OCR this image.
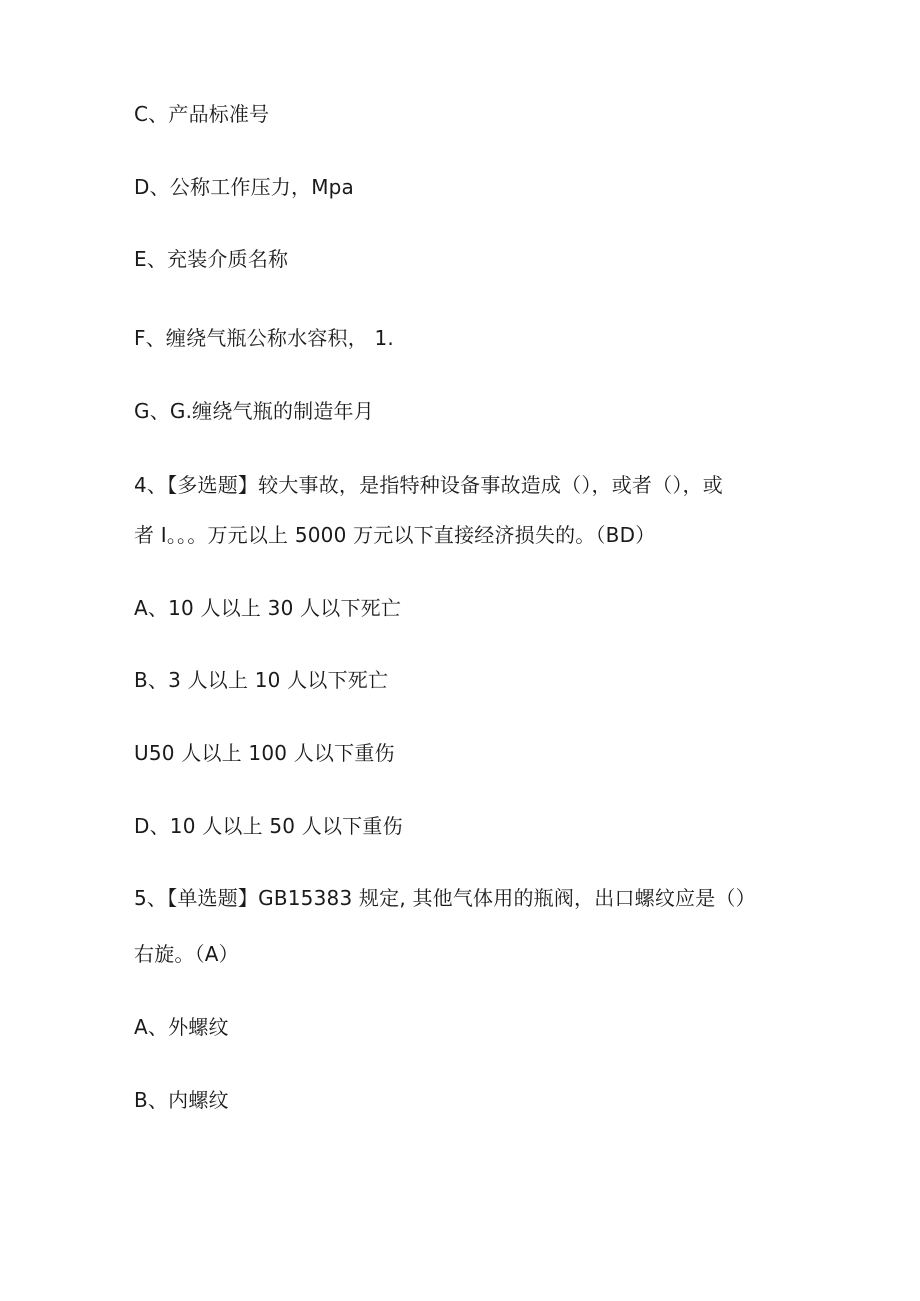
C、产品标准号
D、公称工作压力，Mpa
E、充装介质名称
F、缠绕气瓶公称水容积， 1.
G、G.缠绕气瓶的制造年月
4、【多选题】较大事故，是指特种设备事故造成（），或者（），或
者 I。。。万元以上 5000 万元以下直接经济损失的。（BD）
A、10 人以上 30 人以下死亡
B、3 人以上 10 人以下死亡
U50 人以上 100 人以下重伤
D、10 人以上 50 人以下重伤
5、【单选题】GB15383 规定, 其他气体用的瓶阀，出口螺纹应是（）
右旋。（A）
A、外螺纹
B、内螺纹
